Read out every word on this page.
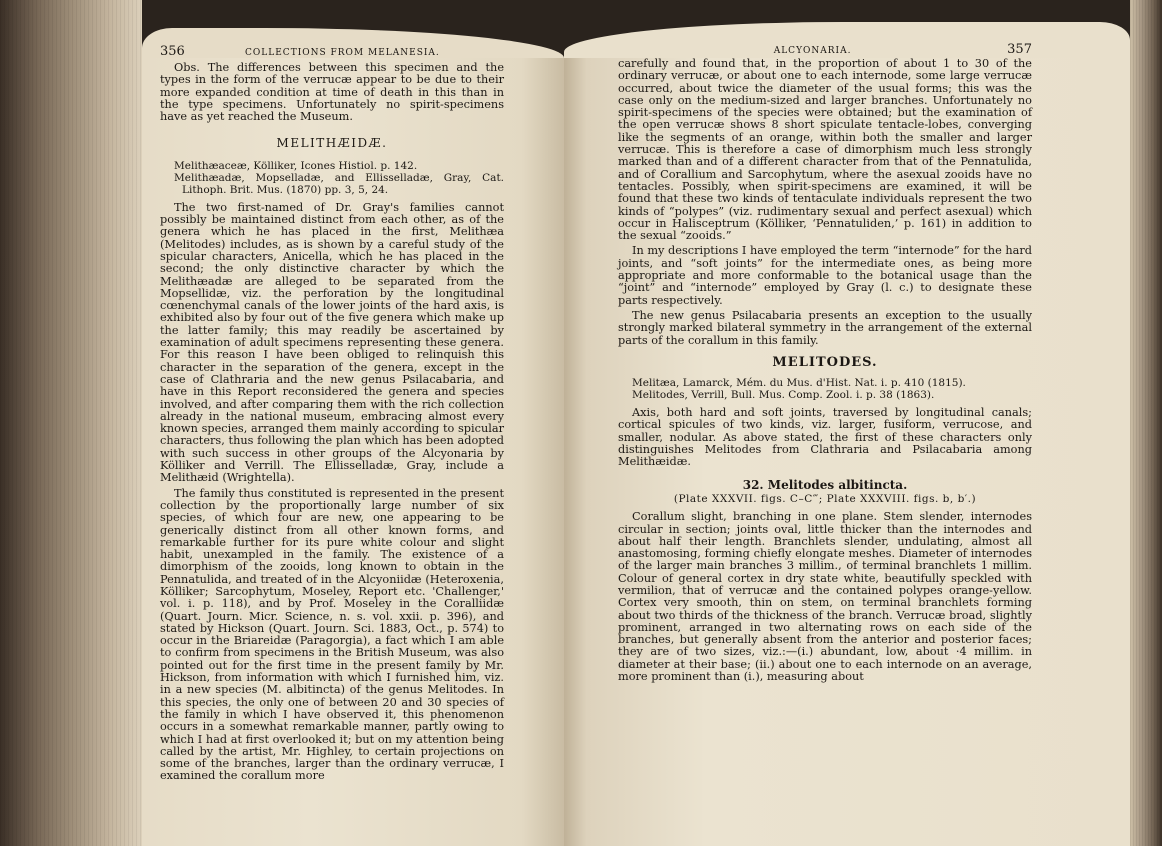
356	COLLECTIONS FROM MELANESIA.

Obs. The differences between this specimen and the types in the form of the verrucæ appear to be due to their more expanded condition at time of death in this than in the type specimens. Unfortunately no spirit-specimens have as yet reached the Museum.

MELITHÆIDÆ.

Melithæaceæ, Kölliker, Icones Histiol. p. 142.

Melithæadæ, Mopselladæ, and Ellisselladæ, Gray, Cat. Lithoph. Brit. Mus. (1870) pp. 3, 5, 24.

The two first-named of Dr. Gray's families cannot possibly be maintained distinct from each other, as of the genera which he has placed in the first, Melithæa (Melitodes) includes, as is shown by a careful study of the spicular characters, Anicella, which he has placed in the second; the only distinctive character by which the Melithæadæ are alleged to be separated from the Mopsellidæ, viz. the perforation by the longitudinal cœnenchymal canals of the lower joints of the hard axis, is exhibited also by four out of the five genera which make up the latter family; this may readily be ascertained by examination of adult specimens representing these genera. For this reason I have been obliged to relinquish this character in the separation of the genera, except in the case of Clathraria and the new genus Psilacabaria, and have in this Report reconsidered the genera and species involved, and after comparing them with the rich collection already in the national museum, embracing almost every known species, arranged them mainly according to spicular characters, thus following the plan which has been adopted with such success in other groups of the Alcyonaria by Kölliker and Verrill. The Ellisselladæ, Gray, include a Melithæid (Wrightella).

The family thus constituted is represented in the present collection by the proportionally large number of six species, of which four are new, one appearing to be generically distinct from all other known forms, and remarkable further for its pure white colour and slight habit, unexampled in the family. The existence of a dimorphism of the zooids, long known to obtain in the Pennatulida, and treated of in the Alcyoniidæ (Heteroxenia, Kölliker; Sarcophytum, Moseley, Report etc. 'Challenger,' vol. i. p. 118), and by Prof. Moseley in the Coralliidæ (Quart. Journ. Micr. Science, n. s. vol. xxii. p. 396), and stated by Hickson (Quart. Journ. Sci. 1883, Oct., p. 574) to occur in the Briareidæ (Paragorgia), a fact which I am able to confirm from specimens in the British Museum, was also pointed out for the first time in the present family by Mr. Hickson, from information with which I furnished him, viz. in a new species (M. albitincta) of the genus Melitodes. In this species, the only one of between 20 and 30 species of the family in which I have observed it, this phenomenon occurs in a somewhat remarkable manner, partly owing to which I had at first overlooked it; but on my attention being called by the artist, Mr. Highley, to certain projections on some of the branches, larger than the ordinary verrucæ, I examined the corallum more

ALCYONARIA.	357

carefully and found that, in the proportion of about 1 to 30 of the ordinary verrucæ, or about one to each internode, some large verrucæ occurred, about twice the diameter of the usual forms; this was the case only on the medium-sized and larger branches. Unfortunately no spirit-specimens of the species were obtained; but the examination of the open verrucæ shows 8 short spiculate tentacle-lobes, converging like the segments of an orange, within both the smaller and larger verrucæ. This is therefore a case of dimorphism much less strongly marked than and of a different character from that of the Pennatulida, and of Corallium and Sarcophytum, where the asexual zooids have no tentacles. Possibly, when spirit-specimens are examined, it will be found that these two kinds of tentaculate individuals represent the two kinds of “polypes” (viz. rudimentary sexual and perfect asexual) which occur in Halisceptrum (Kölliker, ‘Pennatuliden,’ p. 161) in addition to the sexual “zooids.”

In my descriptions I have employed the term “internode” for the hard joints, and “soft joints” for the intermediate ones, as being more appropriate and more conformable to the botanical usage than the “joint” and “internode” employed by Gray (l. c.) to designate these parts respectively.

The new genus Psilacabaria presents an exception to the usually strongly marked bilateral symmetry in the arrangement of the external parts of the corallum in this family.

MELITODES.

Melitæa, Lamarck, Mém. du Mus. d'Hist. Nat. i. p. 410 (1815).

Melitodes, Verrill, Bull. Mus. Comp. Zool. i. p. 38 (1863).

Axis, both hard and soft joints, traversed by longitudinal canals; cortical spicules of two kinds, viz. larger, fusiform, verrucose, and smaller, nodular. As above stated, the first of these characters only distinguishes Melitodes from Clathraria and Psilacabaria among Melithæidæ.

32. Melitodes albitincta.
(Plate XXXVII. figs. C–C‴; Plate XXXVIII. figs. b, b′.)

Corallum slight, branching in one plane. Stem slender, internodes circular in section; joints oval, little thicker than the internodes and about half their length. Branchlets slender, undulating, almost all anastomosing, forming chiefly elongate meshes. Diameter of internodes of the larger main branches 3 millim., of terminal branchlets 1 millim. Colour of general cortex in dry state white, beautifully speckled with vermilion, that of verrucæ and the contained polypes orange-yellow. Cortex very smooth, thin on stem, on terminal branchlets forming about two thirds of the thickness of the branch. Verrucæ broad, slightly prominent, arranged in two alternating rows on each side of the branches, but generally absent from the anterior and posterior faces; they are of two sizes, viz.:—(i.) abundant, low, about ·4 millim. in diameter at their base; (ii.) about one to each internode on an average, more prominent than (i.), measuring about
